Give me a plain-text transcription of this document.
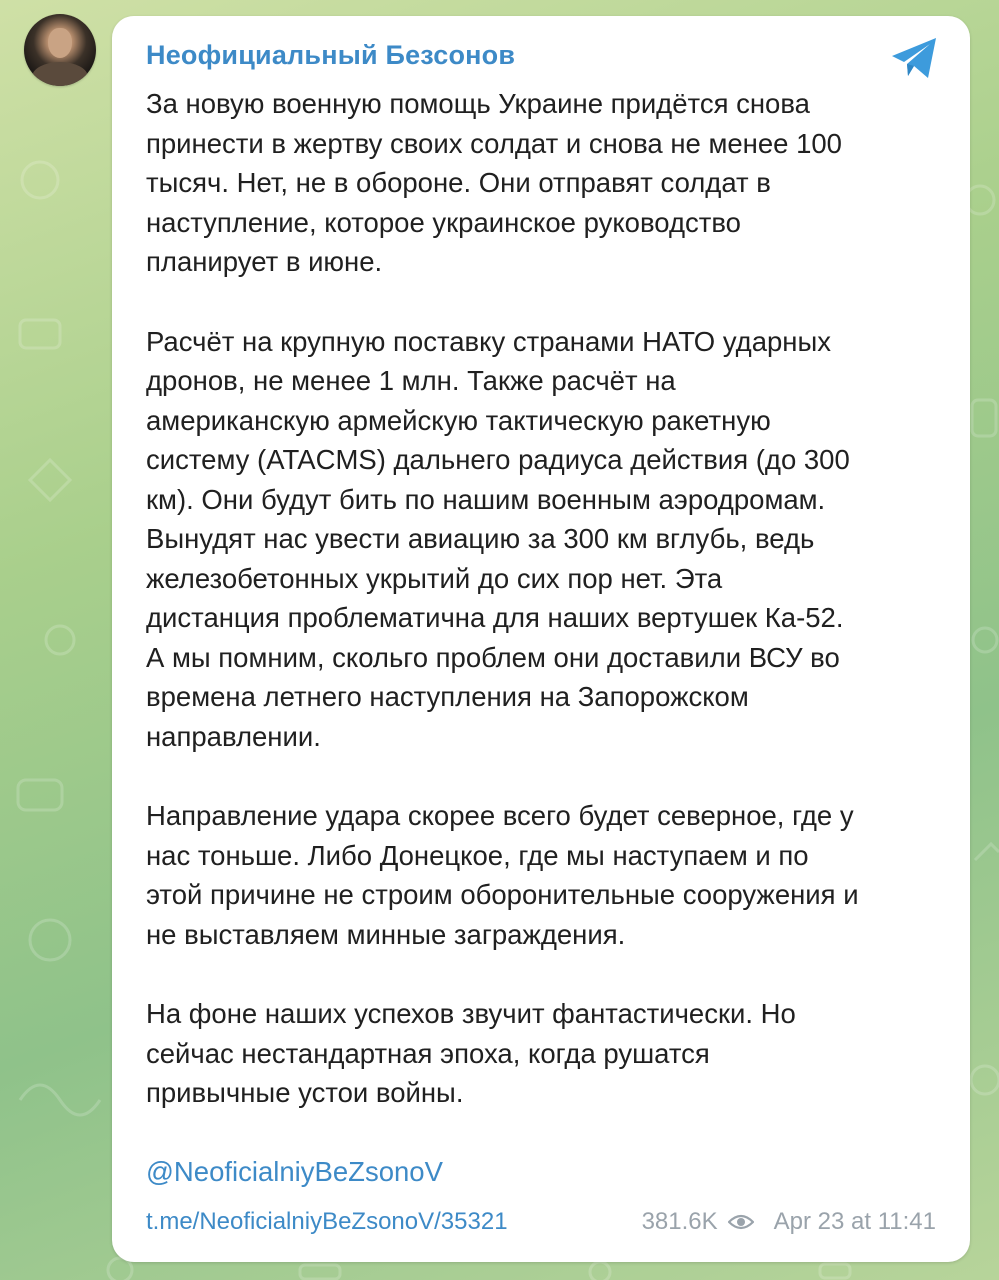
Неофициальный Безсонов

За новую военную помощь Украине придётся снова
принести в жертву своих солдат и снова не менее 100
тысяч. Нет, не в обороне. Они отправят солдат в
наступление, которое украинское руководство
планирует в июне.

Расчёт на крупную поставку странами НАТО ударных
дронов, не менее 1 млн. Также расчёт на
американскую армейскую тактическую ракетную
систему (ATACMS) дальнего радиуса действия (до 300
км). Они будут бить по нашим военным аэродромам.
Вынудят нас увести авиацию за 300 км вглубь, ведь
железобетонных укрытий до сих пор нет. Эта
дистанция проблематична для наших вертушек Ка-52.
А мы помним, скольго проблем они доставили ВСУ во
времена летнего наступления на Запорожском
направлении.

Направление удара скорее всего будет северное, где у
нас тоньше. Либо Донецкое, где мы наступаем и по
этой причине не строим оборонительные сооружения и
не выставляем минные заграждения.

На фоне наших успехов звучит фантастически. Но
сейчас нестандартная эпоха, когда рушатся
привычные устои войны.

@NeoficialniyBeZsonoV
t.me/NeoficialniyBeZsonoV/35321	381.6K Apr 23 at 11:41
